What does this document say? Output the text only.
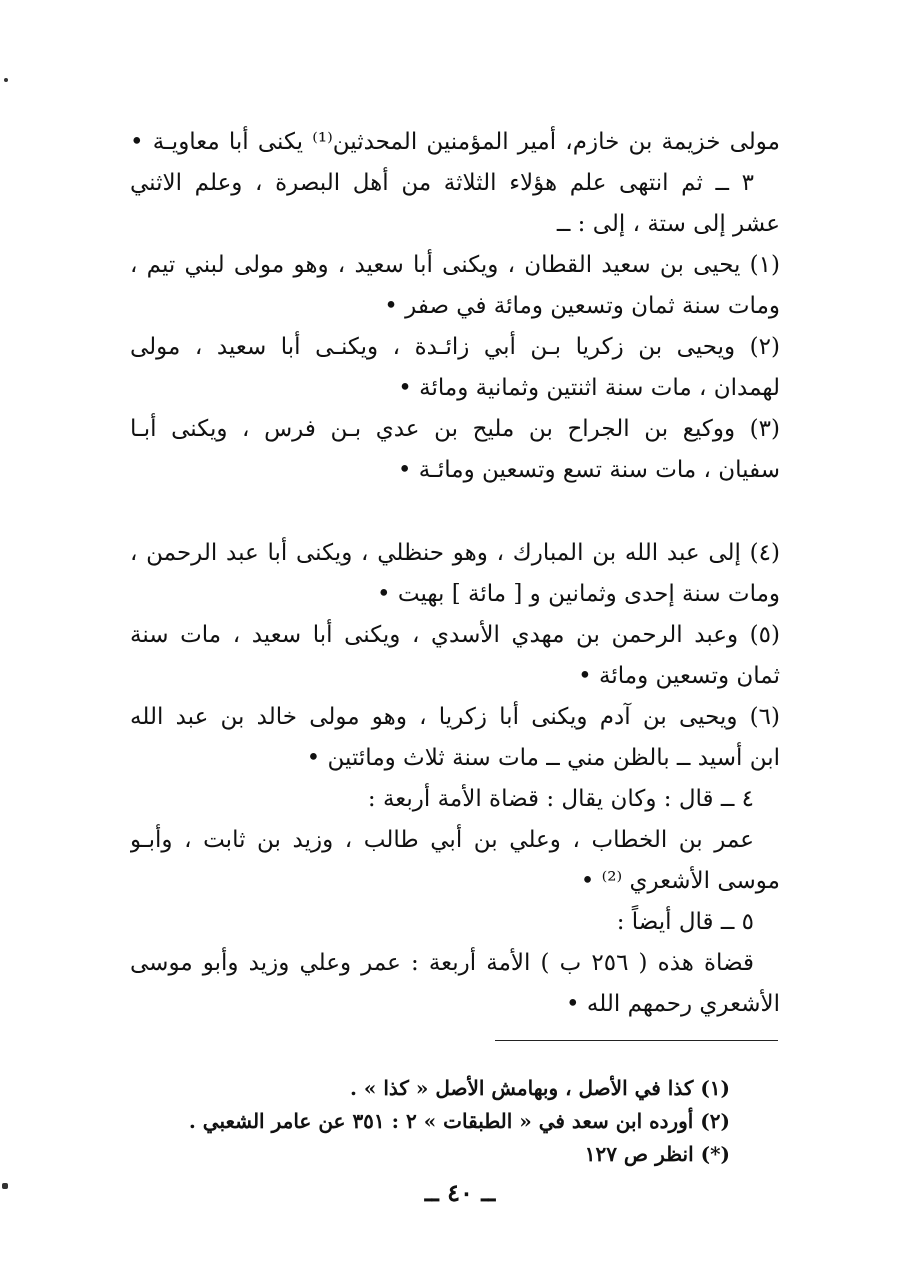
مولى خزيمة بن خازم، أمير المؤمنين المحدثين⁽¹⁾ يكنى أبا معاويـة •
٣ ــ ثم انتهى علم هؤلاء الثلاثة من أهل البصرة ، وعلم الاثني
عشر إلى ستة ، إلى : ــ
(١) يحيى بن سعيد القطان ، ويكنى أبا سعيد ، وهو مولى لبني تيم ،
ومات سنة ثمان وتسعين ومائة في صفر •
(٢) ويحيى بن زكريا بـن أبي زائـدة ، ويكنـى أبا سعيد ، مولى
لهمدان ، مات سنة اثنتين وثمانية ومائة •
(٣) ووكيع بن الجراح بن مليح بن عدي بـن فرس ، ويكنى أبـا
سفيان ، مات سنة تسع وتسعين ومائـة •
(٤) إلى عبد الله بن المبارك ، وهو حنظلي ، ويكنى أبا عبد الرحمن ،
ومات سنة إحدى وثمانين و [ مائة ] بهيت •
(٥) وعبد الرحمن بن مهدي الأسدي ، ويكنى أبا سعيد ، مات سنة
ثمان وتسعين ومائة •
(٦) ويحيى بن آدم ويكنى أبا زكريا ، وهو مولى خالد بن عبد الله
ابن أسيد ــ بالظن مني ــ مات سنة ثلاث ومائتين •
٤ ــ قال : وكان يقال : قضاة الأمة أربعة :
عمر بن الخطاب ، وعلي بن أبي طالب ، وزيد بن ثابت ، وأبـو
موسى الأشعري ⁽²⁾ •
٥ ــ قال أيضاً :
قضاة هذه ( ٢٥٦ ب ) الأمة أربعة : عمر وعلي وزيد وأبو موسى
الأشعري رحمهم الله •
(١) كذا في الأصل ، وبهامش الأصل « كذا » .
(٢) أورده ابن سعد في « الطبقات » ٢ : ٣٥١ عن عامر الشعبي .
(*) انظر ص ١٢٧
ــ ٤٠ ــ
